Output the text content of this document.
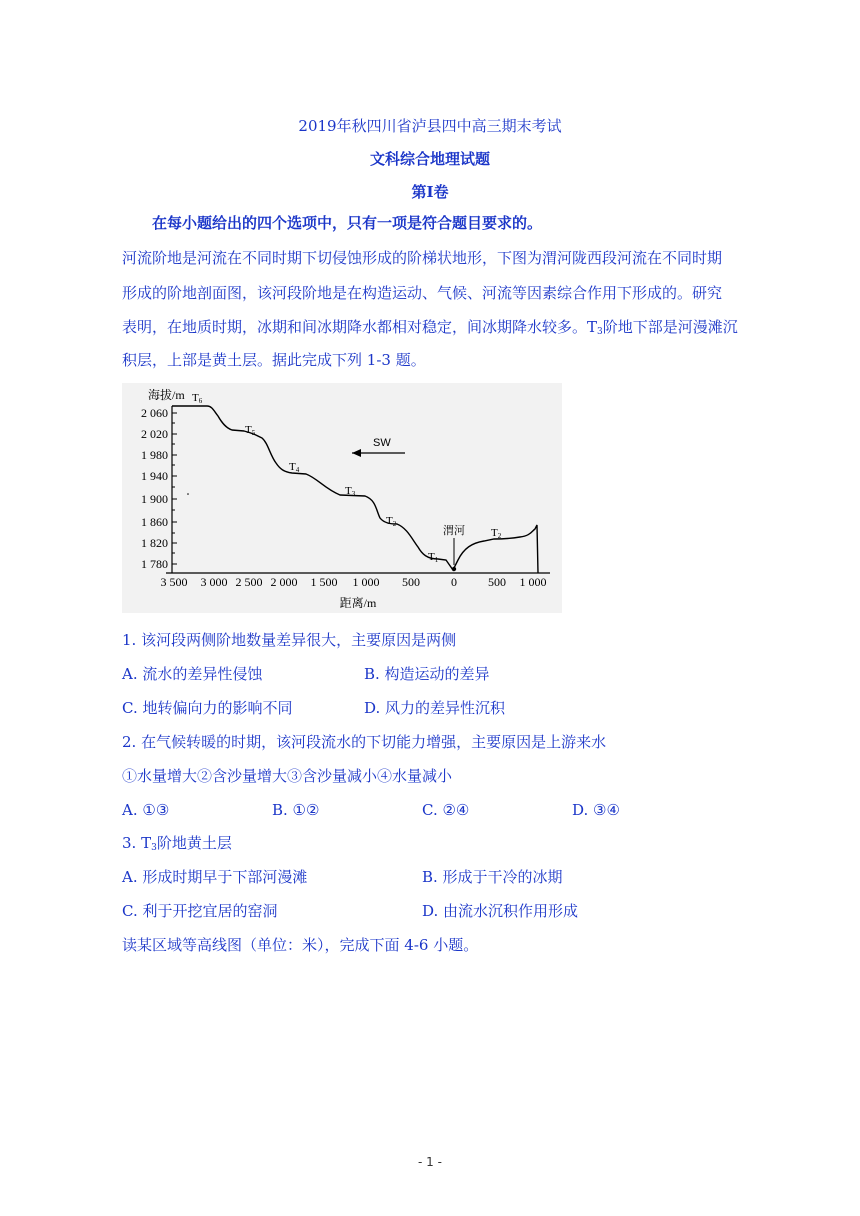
2019年秋四川省泸县四中高三期末考试
文科综合地理试题
第Ⅰ卷
在每小题给出的四个选项中，只有一项是符合题目要求的。
河流阶地是河流在不同时期下切侵蚀形成的阶梯状地形，下图为渭河陇西段河流在不同时期
形成的阶地剖面图，该河段阶地是在构造运动、气候、河流等因素综合作用下形成的。研究
表明，在地质时期，冰期和间冰期降水都相对稳定，间冰期降水较多。$T_3$阶地下部是河漫滩沉
积层，上部是黄土层。据此完成下列 1-3 题。
2 060
2 020
1 980
1 940
1 900
1 860
1 820
1 780
海拔/m
3 500 3 000 2 500 2 000 1 500 1 000 500	0	500 1 000
距离/m
SW
T6
T5
T4
T3
T2
T1
T2
渭河
1. 该河段两侧阶地数量差异很大，主要原因是两侧
A. 流水的差异性侵蚀	B. 构造运动的差异
C. 地转偏向力的影响不同	D. 风力的差异性沉积
2. 在气候转暖的时期，该河段流水的下切能力增强，主要原因是上游来水
①水量增大②含沙量增大③含沙量减小④水量减小
A. ①③	B. ①②	C. ②④	D. ③④
3. $T_3$阶地黄土层
A. 形成时期早于下部河漫滩	B. 形成于干冷的冰期
C. 利于开挖宜居的窑洞	D. 由流水沉积作用形成
读某区域等高线图（单位：米），完成下面 4-6 小题。
- 1 -
